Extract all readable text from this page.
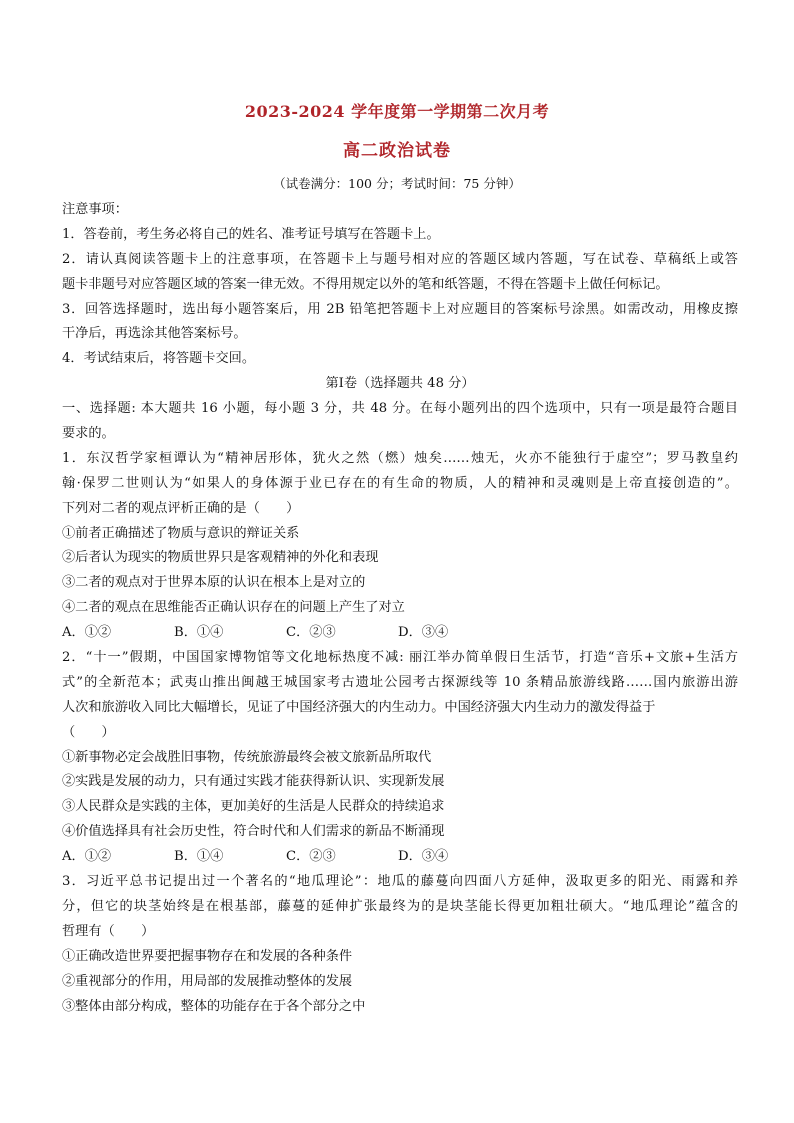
2023-2024 学年度第一学期第二次月考
高二政治试卷
（试卷满分：100 分；考试时间：75 分钟）
注意事项：
1．答卷前，考生务必将自己的姓名、准考证号填写在答题卡上。
2．请认真阅读答题卡上的注意事项，在答题卡上与题号相对应的答题区域内答题，写在试卷、草稿纸上或答
题卡非题号对应答题区域的答案一律无效。不得用规定以外的笔和纸答题，不得在答题卡上做任何标记。
3．回答选择题时，选出每小题答案后，用 2B 铅笔把答题卡上对应题目的答案标号涂黑。如需改动，用橡皮擦
干净后，再选涂其他答案标号。
4．考试结束后，将答题卡交回。
第Ⅰ卷（选择题共 48 分）
一、选择题: 本大题共 16 小题，每小题 3 分，共 48 分。在每小题列出的四个选项中，只有一项是最符合题目
要求的。
1．东汉哲学家桓谭认为“精神居形体，犹火之然（燃）烛矣……烛无，火亦不能独行于虚空”；罗马教皇约
翰·保罗二世则认为“如果人的身体源于业已存在的有生命的物质，人的精神和灵魂则是上帝直接创造的”。
下列对二者的观点评析正确的是（　　）
①前者正确描述了物质与意识的辩证关系
②后者认为现实的物质世界只是客观精神的外化和表现
③二者的观点对于世界本原的认识在根本上是对立的
④二者的观点在思维能否正确认识存在的问题上产生了对立
A．①②	B．①④	C．②③	D．③④
2．“十一”假期，中国国家博物馆等文化地标热度不减: 丽江举办简单假日生活节，打造“音乐+文旅+生活方
式”的全新范本；武夷山推出闽越王城国家考古遗址公园考古探源线等 10 条精品旅游线路……国内旅游出游
人次和旅游收入同比大幅增长，见证了中国经济强大的内生动力。中国经济强大内生动力的激发得益于
（　　）
①新事物必定会战胜旧事物，传统旅游最终会被文旅新品所取代
②实践是发展的动力，只有通过实践才能获得新认识、实现新发展
③人民群众是实践的主体，更加美好的生活是人民群众的持续追求
④价值选择具有社会历史性，符合时代和人们需求的新品不断涌现
A．①②	B．①④	C．②③	D．③④
3．习近平总书记提出过一个著名的“地瓜理论”：地瓜的藤蔓向四面八方延伸，汲取更多的阳光、雨露和养
分，但它的块茎始终是在根基部，藤蔓的延伸扩张最终为的是块茎能长得更加粗壮硕大。“地瓜理论”蕴含的
哲理有（　　）
①正确改造世界要把握事物存在和发展的各种条件
②重视部分的作用，用局部的发展推动整体的发展
③整体由部分构成，整体的功能存在于各个部分之中
